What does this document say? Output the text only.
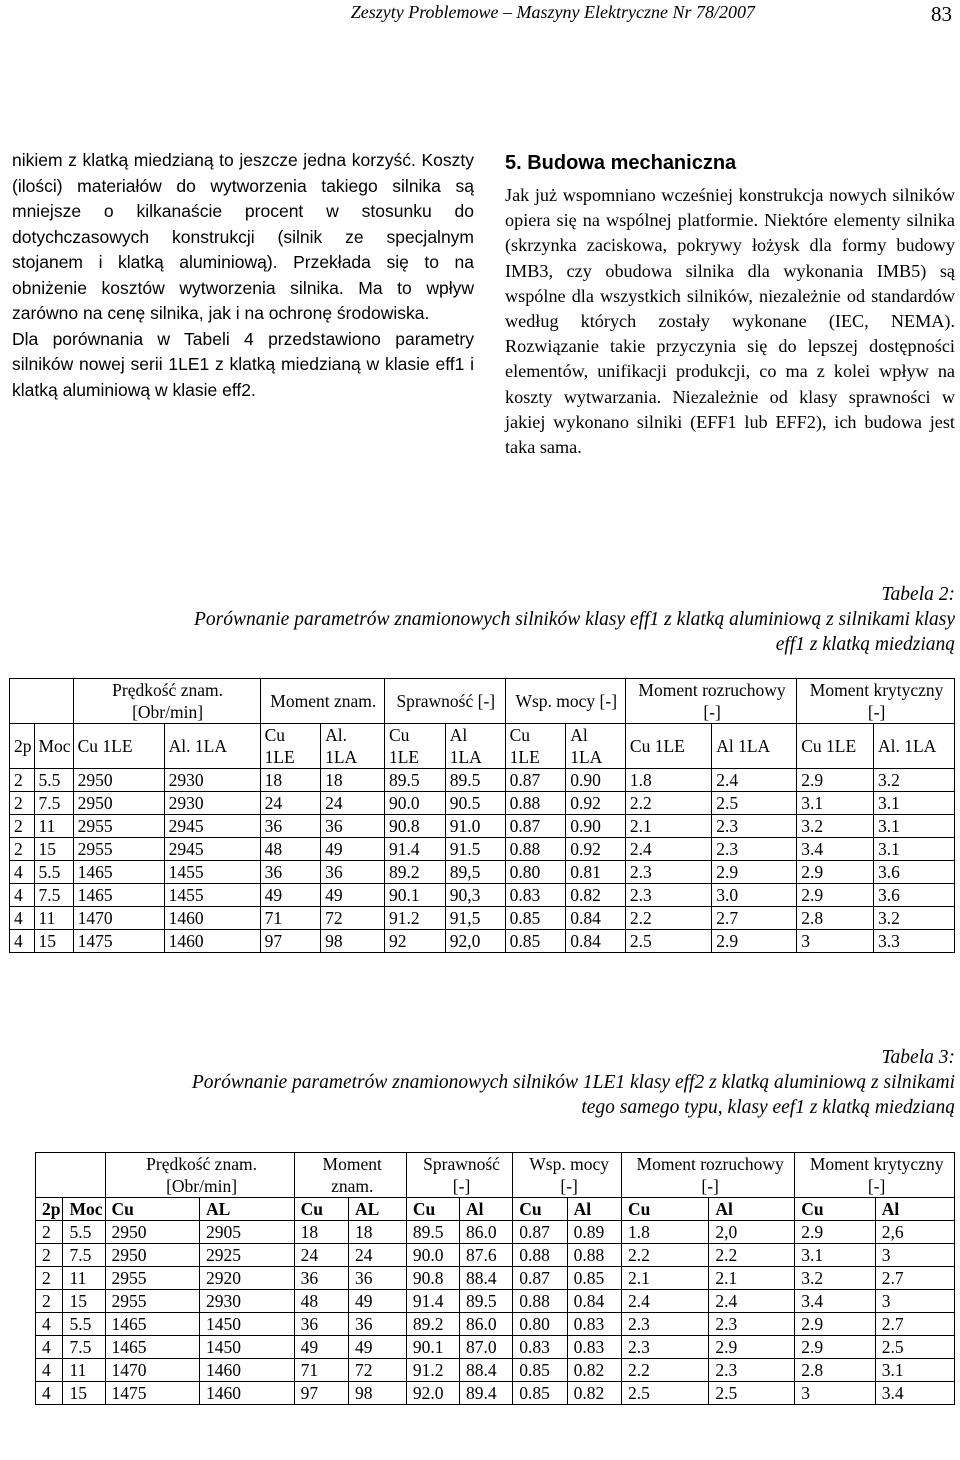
Zeszyty Problemowe – Maszyny Elektryczne Nr 78/2007	83

nikiem z klatką miedzianą to jeszcze jedna korzyść. Koszty (ilości) materiałów do wytworzenia takiego silnika są mniejsze o kilkanaście procent w stosunku do dotychczasowych konstrukcji (silnik ze specjalnym stojanem i klatką aluminiową). Przekłada się to na obniżenie kosztów wytworzenia silnika. Ma to wpływ zarówno na cenę silnika, jak i na ochronę środowiska.

Dla porównania w Tabeli 4 przedstawiono parametry silników nowej serii 1LE1 z klatką miedzianą w klasie eff1 i klatką aluminiową w klasie eff2.

5. Budowa mechaniczna

Jak już wspomniano wcześniej konstrukcja nowych silników opiera się na wspólnej platformie. Niektóre elementy silnika (skrzynka zaciskowa, pokrywy łożysk dla formy budowy IMB3, czy obudowa silnika dla wykonania IMB5) są wspólne dla wszystkich silników, niezależnie od standardów według których zostały wykonane (IEC, NEMA). Rozwiązanie takie przyczynia się do lepszej dostępności elementów, unifikacji produkcji, co ma z kolei wpływ na koszty wytwarzania. Niezależnie od klasy sprawności w jakiej wykonano silniki (EFF1 lub EFF2), ich budowa jest taka sama.

Tabela 2:
Porównanie parametrów znamionowych silników klasy eff1 z klatką aluminiową z silnikami klasy
eff1 z klatką miedzianą
		Prędkość znam. [Obr/min]		Moment znam.		Sprawność [-]		Wsp. mocy [-]		Moment rozruchowy [-]		Moment krytyczny [-]	
2p	Moc	Cu 1LE	Al. 1LA	Cu 1LE	Al. 1LA	Cu 1LE	Al 1LA	Cu 1LE	Al 1LA	Cu 1LE	Al 1LA	Cu 1LE	Al. 1LA
2	5.5	2950	2930	18	18	89.5	89.5	0.87	0.90	1.8	2.4	2.9	3.2
2	7.5	2950	2930	24	24	90.0	90.5	0.88	0.92	2.2	2.5	3.1	3.1
2	11	2955	2945	36	36	90.8	91.0	0.87	0.90	2.1	2.3	3.2	3.1
2	15	2955	2945	48	49	91.4	91.5	0.88	0.92	2.4	2.3	3.4	3.1
4	5.5	1465	1455	36	36	89.2	89,5	0.80	0.81	2.3	2.9	2.9	3.6
4	7.5	1465	1455	49	49	90.1	90,3	0.83	0.82	2.3	3.0	2.9	3.6
4	11	1470	1460	71	72	91.2	91,5	0.85	0.84	2.2	2.7	2.8	3.2
4	15	1475	1460	97	98	92	92,0	0.85	0.84	2.5	2.9	3	3.3
Tabela 3:
Porównanie parametrów znamionowych silników 1LE1 klasy eff2 z klatką aluminiową z silnikami
tego samego typu, klasy eef1 z klatką miedzianą
		Prędkość znam. [Obr/min]		Moment znam.		Sprawność [-]		Wsp. mocy [-]		Moment rozruchowy [-]		Moment krytyczny [-]	
2p	Moc	Cu	AL	Cu	AL	Cu	Al	Cu	Al	Cu	Al	Cu	Al
2	5.5	2950	2905	18	18	89.5	86.0	0.87	0.89	1.8	2,0	2.9	2,6
2	7.5	2950	2925	24	24	90.0	87.6	0.88	0.88	2.2	2.2	3.1	3
2	11	2955	2920	36	36	90.8	88.4	0.87	0.85	2.1	2.1	3.2	2.7
2	15	2955	2930	48	49	91.4	89.5	0.88	0.84	2.4	2.4	3.4	3
4	5.5	1465	1450	36	36	89.2	86.0	0.80	0.83	2.3	2.3	2.9	2.7
4	7.5	1465	1450	49	49	90.1	87.0	0.83	0.83	2.3	2.9	2.9	2.5
4	11	1470	1460	71	72	91.2	88.4	0.85	0.82	2.2	2.3	2.8	3.1
4	15	1475	1460	97	98	92.0	89.4	0.85	0.82	2.5	2.5	3	3.4
